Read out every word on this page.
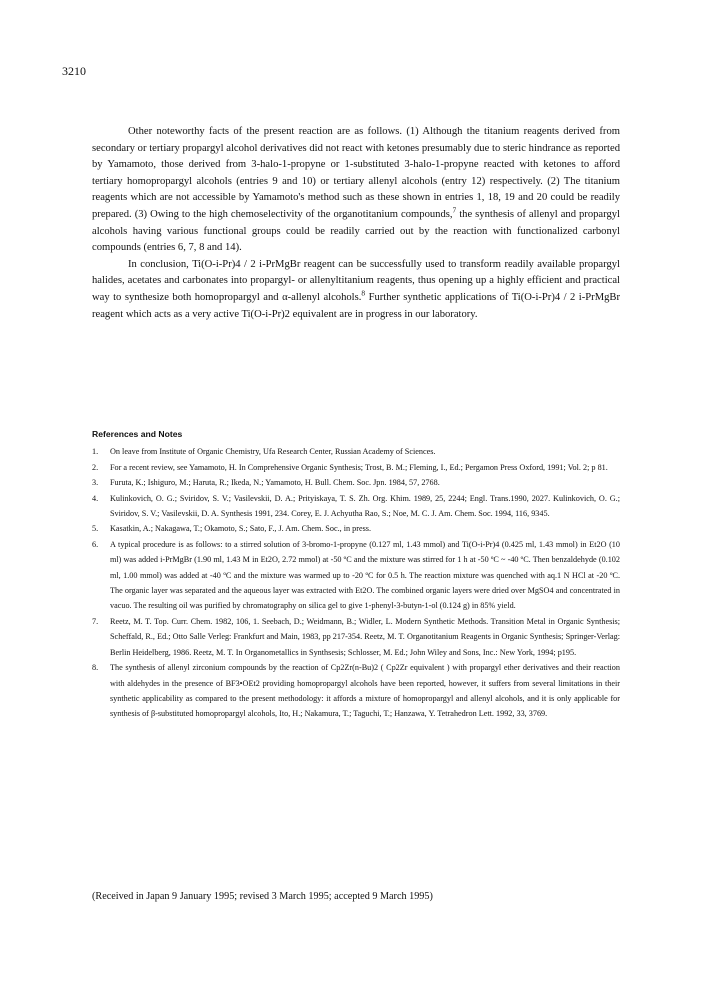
3210

Other noteworthy facts of the present reaction are as follows. (1) Although the titanium reagents derived from secondary or tertiary propargyl alcohol derivatives did not react with ketones presumably due to steric hindrance as reported by Yamamoto, those derived from 3-halo-1-propyne or 1-substituted 3-halo-1-propyne reacted with ketones to afford tertiary homopropargyl alcohols (entries 9 and 10) or tertiary allenyl alcohols (entry 12) respectively. (2) The titanium reagents which are not accessible by Yamamoto's method such as these shown in entries 1, 18, 19 and 20 could be readily prepared. (3) Owing to the high chemoselectivity of the organotitanium compounds,$^7$ the synthesis of allenyl and propargyl alcohols having various functional groups could be readily carried out by the reaction with functionalized carbonyl compounds (entries 6, 7, 8 and 14).

In conclusion, Ti(O-i-Pr)4 / 2 i-PrMgBr reagent can be successfully used to transform readily available propargyl halides, acetates and carbonates into propargyl- or allenyltitanium reagents, thus opening up a highly efficient and practical way to synthesize both homopropargyl and α-allenyl alcohols.$^8$ Further synthetic applications of Ti(O-i-Pr)4 / 2 i-PrMgBr reagent which acts as a very active Ti(O-i-Pr)2 equivalent are in progress in our laboratory.

References and Notes
1.	On leave from Institute of Organic Chemistry, Ufa Research Center, Russian Academy of Sciences.
2.	For a recent review, see Yamamoto, H. In Comprehensive Organic Synthesis; Trost, B. M.; Fleming, I., Ed.; Pergamon Press Oxford, 1991; Vol. 2; p 81.
3.	Furuta, K.; Ishiguro, M.; Haruta, R.; Ikeda, N.; Yamamoto, H. Bull. Chem. Soc. Jpn. 1984, 57, 2768.
4.	Kulinkovich, O. G.; Sviridov, S. V.; Vasilevskii, D. A.; Prityiskaya, T. S. Zh. Org. Khim. 1989, 25, 2244; Engl. Trans.1990, 2027. Kulinkovich, O. G.; Sviridov, S. V.; Vasilevskii, D. A. Synthesis 1991, 234. Corey, E. J. Achyutha Rao, S.; Noe, M. C. J. Am. Chem. Soc. 1994, 116, 9345.
5.	Kasatkin, A.; Nakagawa, T.; Okamoto, S.; Sato, F., J. Am. Chem. Soc., in press.
6.	A typical procedure is as follows: to a stirred solution of 3-bromo-1-propyne (0.127 ml, 1.43 mmol) and Ti(O-i-Pr)4 (0.425 ml, 1.43 mmol) in Et2O (10 ml) was added i-PrMgBr (1.90 ml, 1.43 M in Et2O, 2.72 mmol) at -50 ºC and the mixture was stirred for 1 h at -50 ºC ~ -40 ºC. Then benzaldehyde (0.102 ml, 1.00 mmol) was added at -40 ºC and the mixture was warmed up to -20 ºC for 0.5 h. The reaction mixture was quenched with aq.1 N HCl at -20 ºC. The organic layer was separated and the aqueous layer was extracted with Et2O. The combined organic layers were dried over MgSO4 and concentrated in vacuo. The resulting oil was purified by chromatography on silica gel to give 1-phenyl-3-butyn-1-ol (0.124 g) in 85% yield.
7.	Reetz, M. T. Top. Curr. Chem. 1982, 106, 1. Seebach, D.; Weidmann, B.; Widler, L. Modern Synthetic Methods. Transition Metal in Organic Synthesis; Scheffald, R., Ed.; Otto Salle Verleg: Frankfurt and Main, 1983, pp 217-354. Reetz, M. T. Organotitanium Reagents in Organic Synthesis; Springer-Verlag: Berlin Heidelberg, 1986. Reetz, M. T. In Organometallics in Synthsesis; Schlosser, M. Ed.; John Wiley and Sons, Inc.: New York, 1994; p195.
8.	The synthesis of allenyl zirconium compounds by the reaction of Cp2Zr(n-Bu)2 ( Cp2Zr equivalent ) with propargyl ether derivatives and their reaction with aldehydes in the presence of BF3•OEt2 providing homopropargyl alcohols have been reported, however, it suffers from several limitations in their synthetic applicability as compared to the present methodology: it affords a mixture of homopropargyl and allenyl alcohols, and it is only applicable for synthesis of β-substituted homopropargyl alcohols, Ito, H.; Nakamura, T.; Taguchi, T.; Hanzawa, Y. Tetrahedron Lett. 1992, 33, 3769.
(Received in Japan 9 January 1995; revised 3 March 1995; accepted 9 March 1995)
